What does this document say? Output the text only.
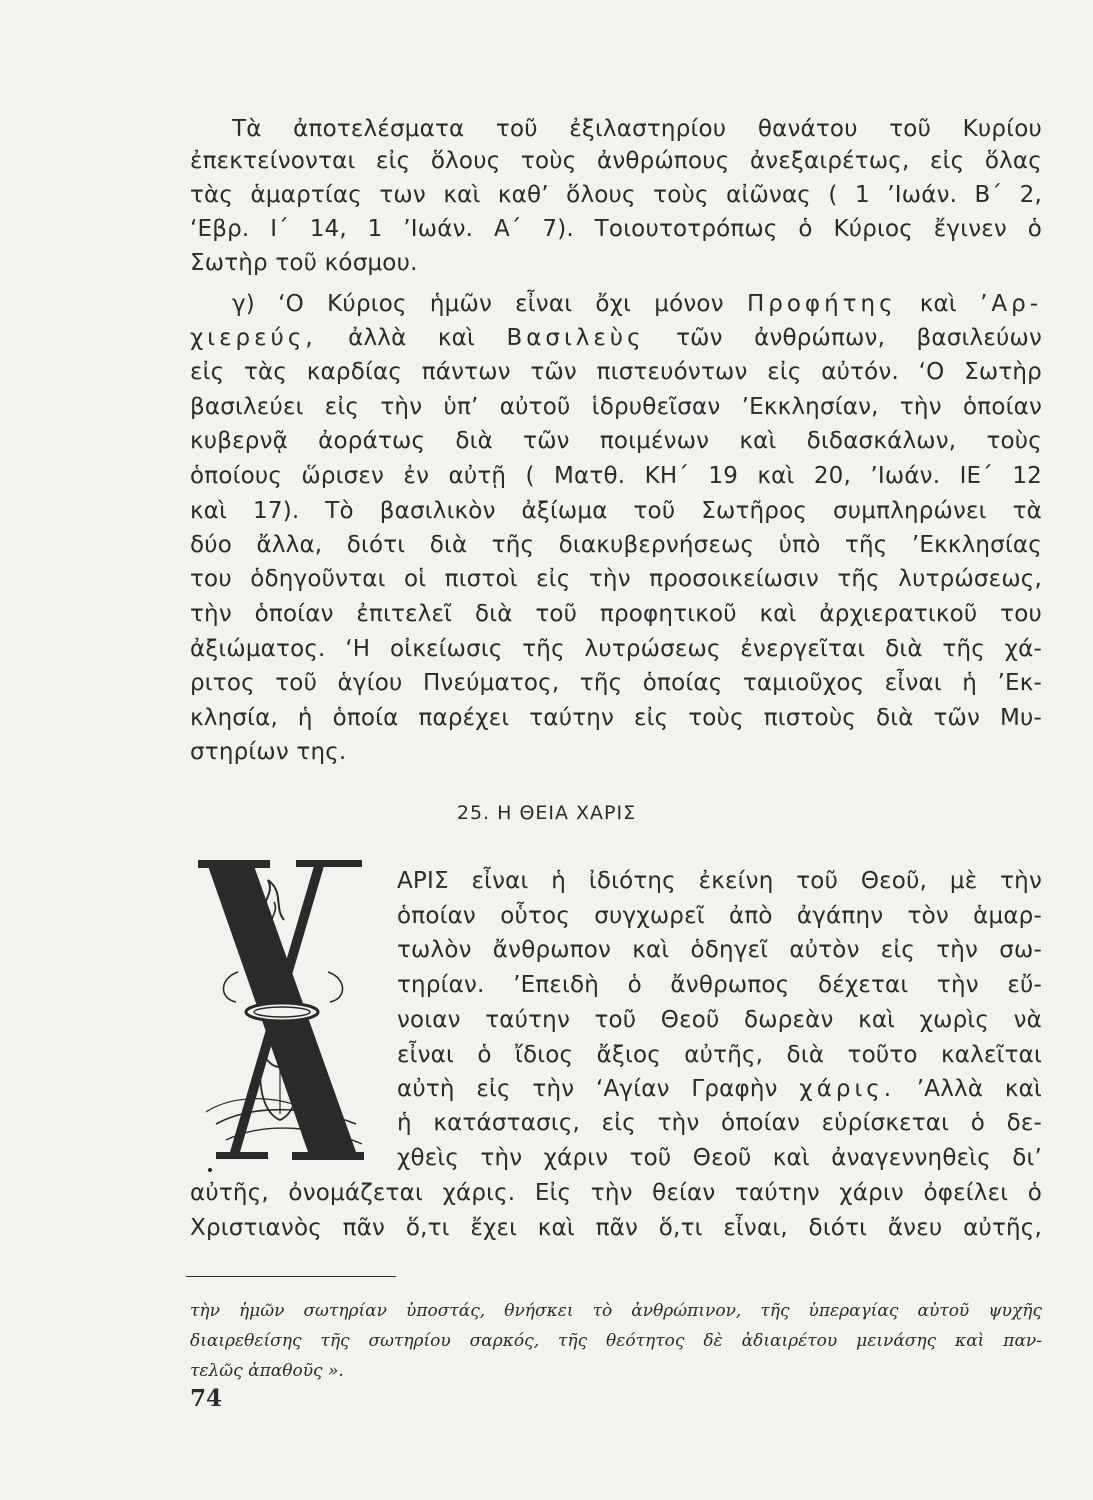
Τὰ ἀποτελέσματα τοῦ ἐξιλαστηρίου θανάτου τοῦ Κυρίου
ἐπεκτείνονται εἰς ὅλους τοὺς ἀνθρώπους ἀνεξαιρέτως, εἰς ὅλας
τὰς ἁμαρτίας των καὶ καθ’ ὅλους τοὺς αἰῶνας ( 1 ’Ιωάν. Β΄ 2,
‘Εβρ. Ι΄ 14, 1 ’Ιωάν. Α΄ 7). Τοιουτοτρόπως ὁ Κύριος ἔγινεν ὁ
Σωτὴρ τοῦ κόσμου.
γ) ‘Ο Κύριος ἡμῶν εἶναι ὄχι μόνον Προφήτης καὶ ’Αρ-
χιερεύς, ἀλλὰ καὶ Βασιλεὺς τῶν ἀνθρώπων, βασιλεύων
εἰς τὰς καρδίας πάντων τῶν πιστευόντων εἰς αὐτόν. ‘Ο Σωτὴρ
βασιλεύει εἰς τὴν ὑπ’ αὐτοῦ ἱδρυθεῖσαν ’Εκκλησίαν, τὴν ὁποίαν
κυβερνᾷ ἀοράτως διὰ τῶν ποιμένων καὶ διδασκάλων, τοὺς
ὁποίους ὥρισεν ἐν αὐτῇ ( Ματθ. ΚΗ΄ 19 καὶ 20, ’Ιωάν. ΙΕ΄ 12
καὶ 17). Τὸ βασιλικὸν ἀξίωμα τοῦ Σωτῆρος συμπληρώνει τὰ
δύο ἄλλα, διότι διὰ τῆς διακυβερνήσεως ὑπὸ τῆς ’Εκκλησίας
του ὁδηγοῦνται οἱ πιστοὶ εἰς τὴν προσοικείωσιν τῆς λυτρώσεως,
τὴν ὁποίαν ἐπιτελεῖ διὰ τοῦ προφητικοῦ καὶ ἀρχιερατικοῦ του
ἀξιώματος. ‘Η οἰκείωσις τῆς λυτρώσεως ἐνεργεῖται διὰ τῆς χά-
ριτος τοῦ ἁγίου Πνεύματος, τῆς ὁποίας ταμιοῦχος εἶναι ἡ ’Εκ-
κλησία, ἡ ὁποία παρέχει ταύτην εἰς τοὺς πιστοὺς διὰ τῶν Μυ-
στηρίων της.
25. Η ΘΕΙΑ ΧΑΡΙΣ
X
ΑΡΙΣ εἶναι ἡ ἰδιότης ἐκείνη τοῦ Θεοῦ, μὲ τὴν
ὁποίαν οὗτος συγχωρεῖ ἀπὸ ἀγάπην τὸν ἁμαρ-
τωλὸν ἄνθρωπον καὶ ὁδηγεῖ αὐτὸν εἰς τὴν σω-
τηρίαν. ’Επειδὴ ὁ ἄνθρωπος δέχεται τὴν εὔ-
νοιαν ταύτην τοῦ Θεοῦ δωρεὰν καὶ χωρὶς νὰ
εἶναι ὁ ἴδιος ἄξιος αὐτῆς, διὰ τοῦτο καλεῖται
αὐτὴ εἰς τὴν ‘Αγίαν Γραφὴν χάρις. ’Αλλὰ καὶ
ἡ κατάστασις, εἰς τὴν ὁποίαν εὑρίσκεται ὁ δε-
χθεὶς τὴν χάριν τοῦ Θεοῦ καὶ ἀναγεννηθεὶς δι’
αὐτῆς, ὀνομάζεται χάρις. Εἰς τὴν θείαν ταύτην χάριν ὀφείλει ὁ
Χριστιανὸς πᾶν ὅ,τι ἔχει καὶ πᾶν ὅ,τι εἶναι, διότι ἄνευ αὐτῆς,
τὴν ἡμῶν σωτηρίαν ὑποστάς, θνήσκει τὸ ἀνθρώπινον, τῆς ὑπεραγίας αὐτοῦ ψυχῆς
διαιρεθείσης τῆς σωτηρίου σαρκός, τῆς θεότητος δὲ ἀδιαιρέτου μεινάσης καὶ παν-
τελῶς ἀπαθοῦς ».
74
